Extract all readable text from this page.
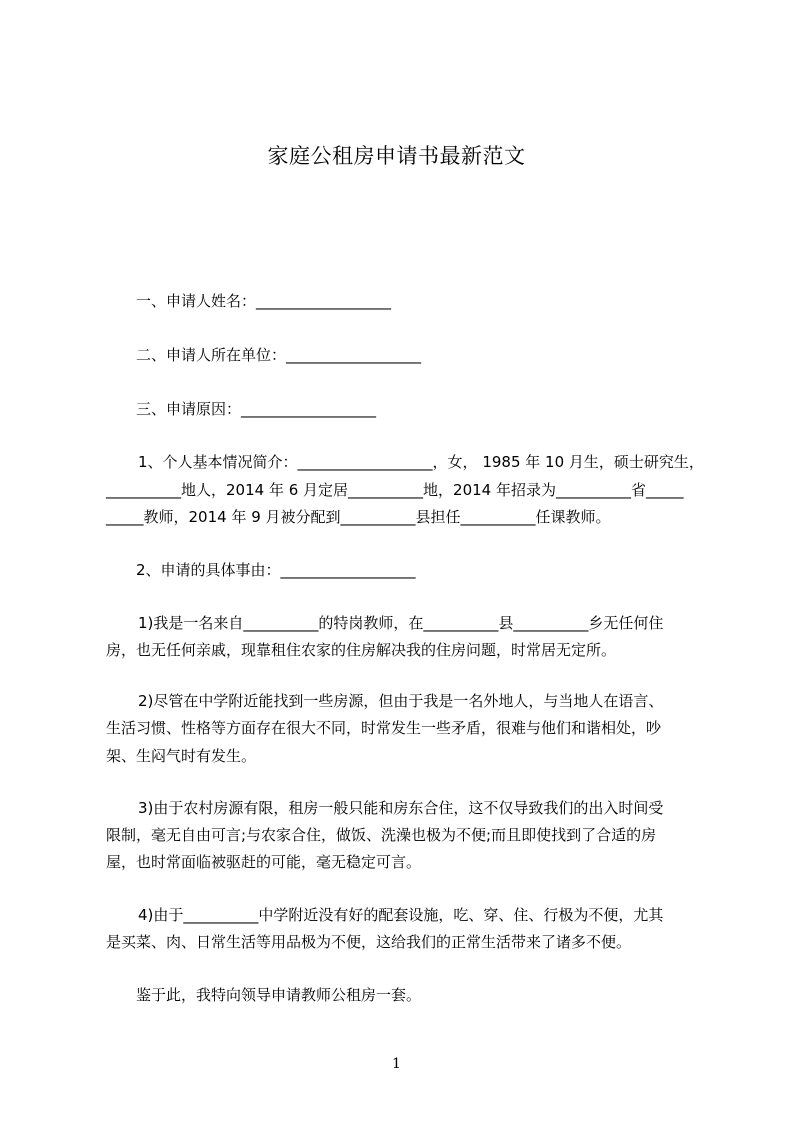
家庭公租房申请书最新范文
一、申请人姓名：__________________
二、申请人所在单位：__________________
三、申请原因：__________________
1、个人基本情况简介：__________________，女， 1985 年 10 月生，硕士研究生，
__________地人，2014 年 6 月定居__________地，2014 年招录为__________省_____
_____教师，2014 年 9 月被分配到__________县担任__________任课教师。
2、申请的具体事由：__________________
1)我是一名来自__________的特岗教师，在__________县__________乡无任何住
房，也无任何亲戚，现靠租住农家的住房解决我的住房问题，时常居无定所。
2)尽管在中学附近能找到一些房源，但由于我是一名外地人，与当地人在语言、
生活习惯、性格等方面存在很大不同，时常发生一些矛盾，很难与他们和谐相处，吵
架、生闷气时有发生。
3)由于农村房源有限，租房一般只能和房东合住，这不仅导致我们的出入时间受
限制，毫无自由可言;与农家合住，做饭、洗澡也极为不便;而且即使找到了合适的房
屋，也时常面临被驱赶的可能，毫无稳定可言。
4)由于__________中学附近没有好的配套设施，吃、穿、住、行极为不便，尤其
是买菜、肉、日常生活等用品极为不便，这给我们的正常生活带来了诸多不便。
鉴于此，我特向领导申请教师公租房一套。
1
